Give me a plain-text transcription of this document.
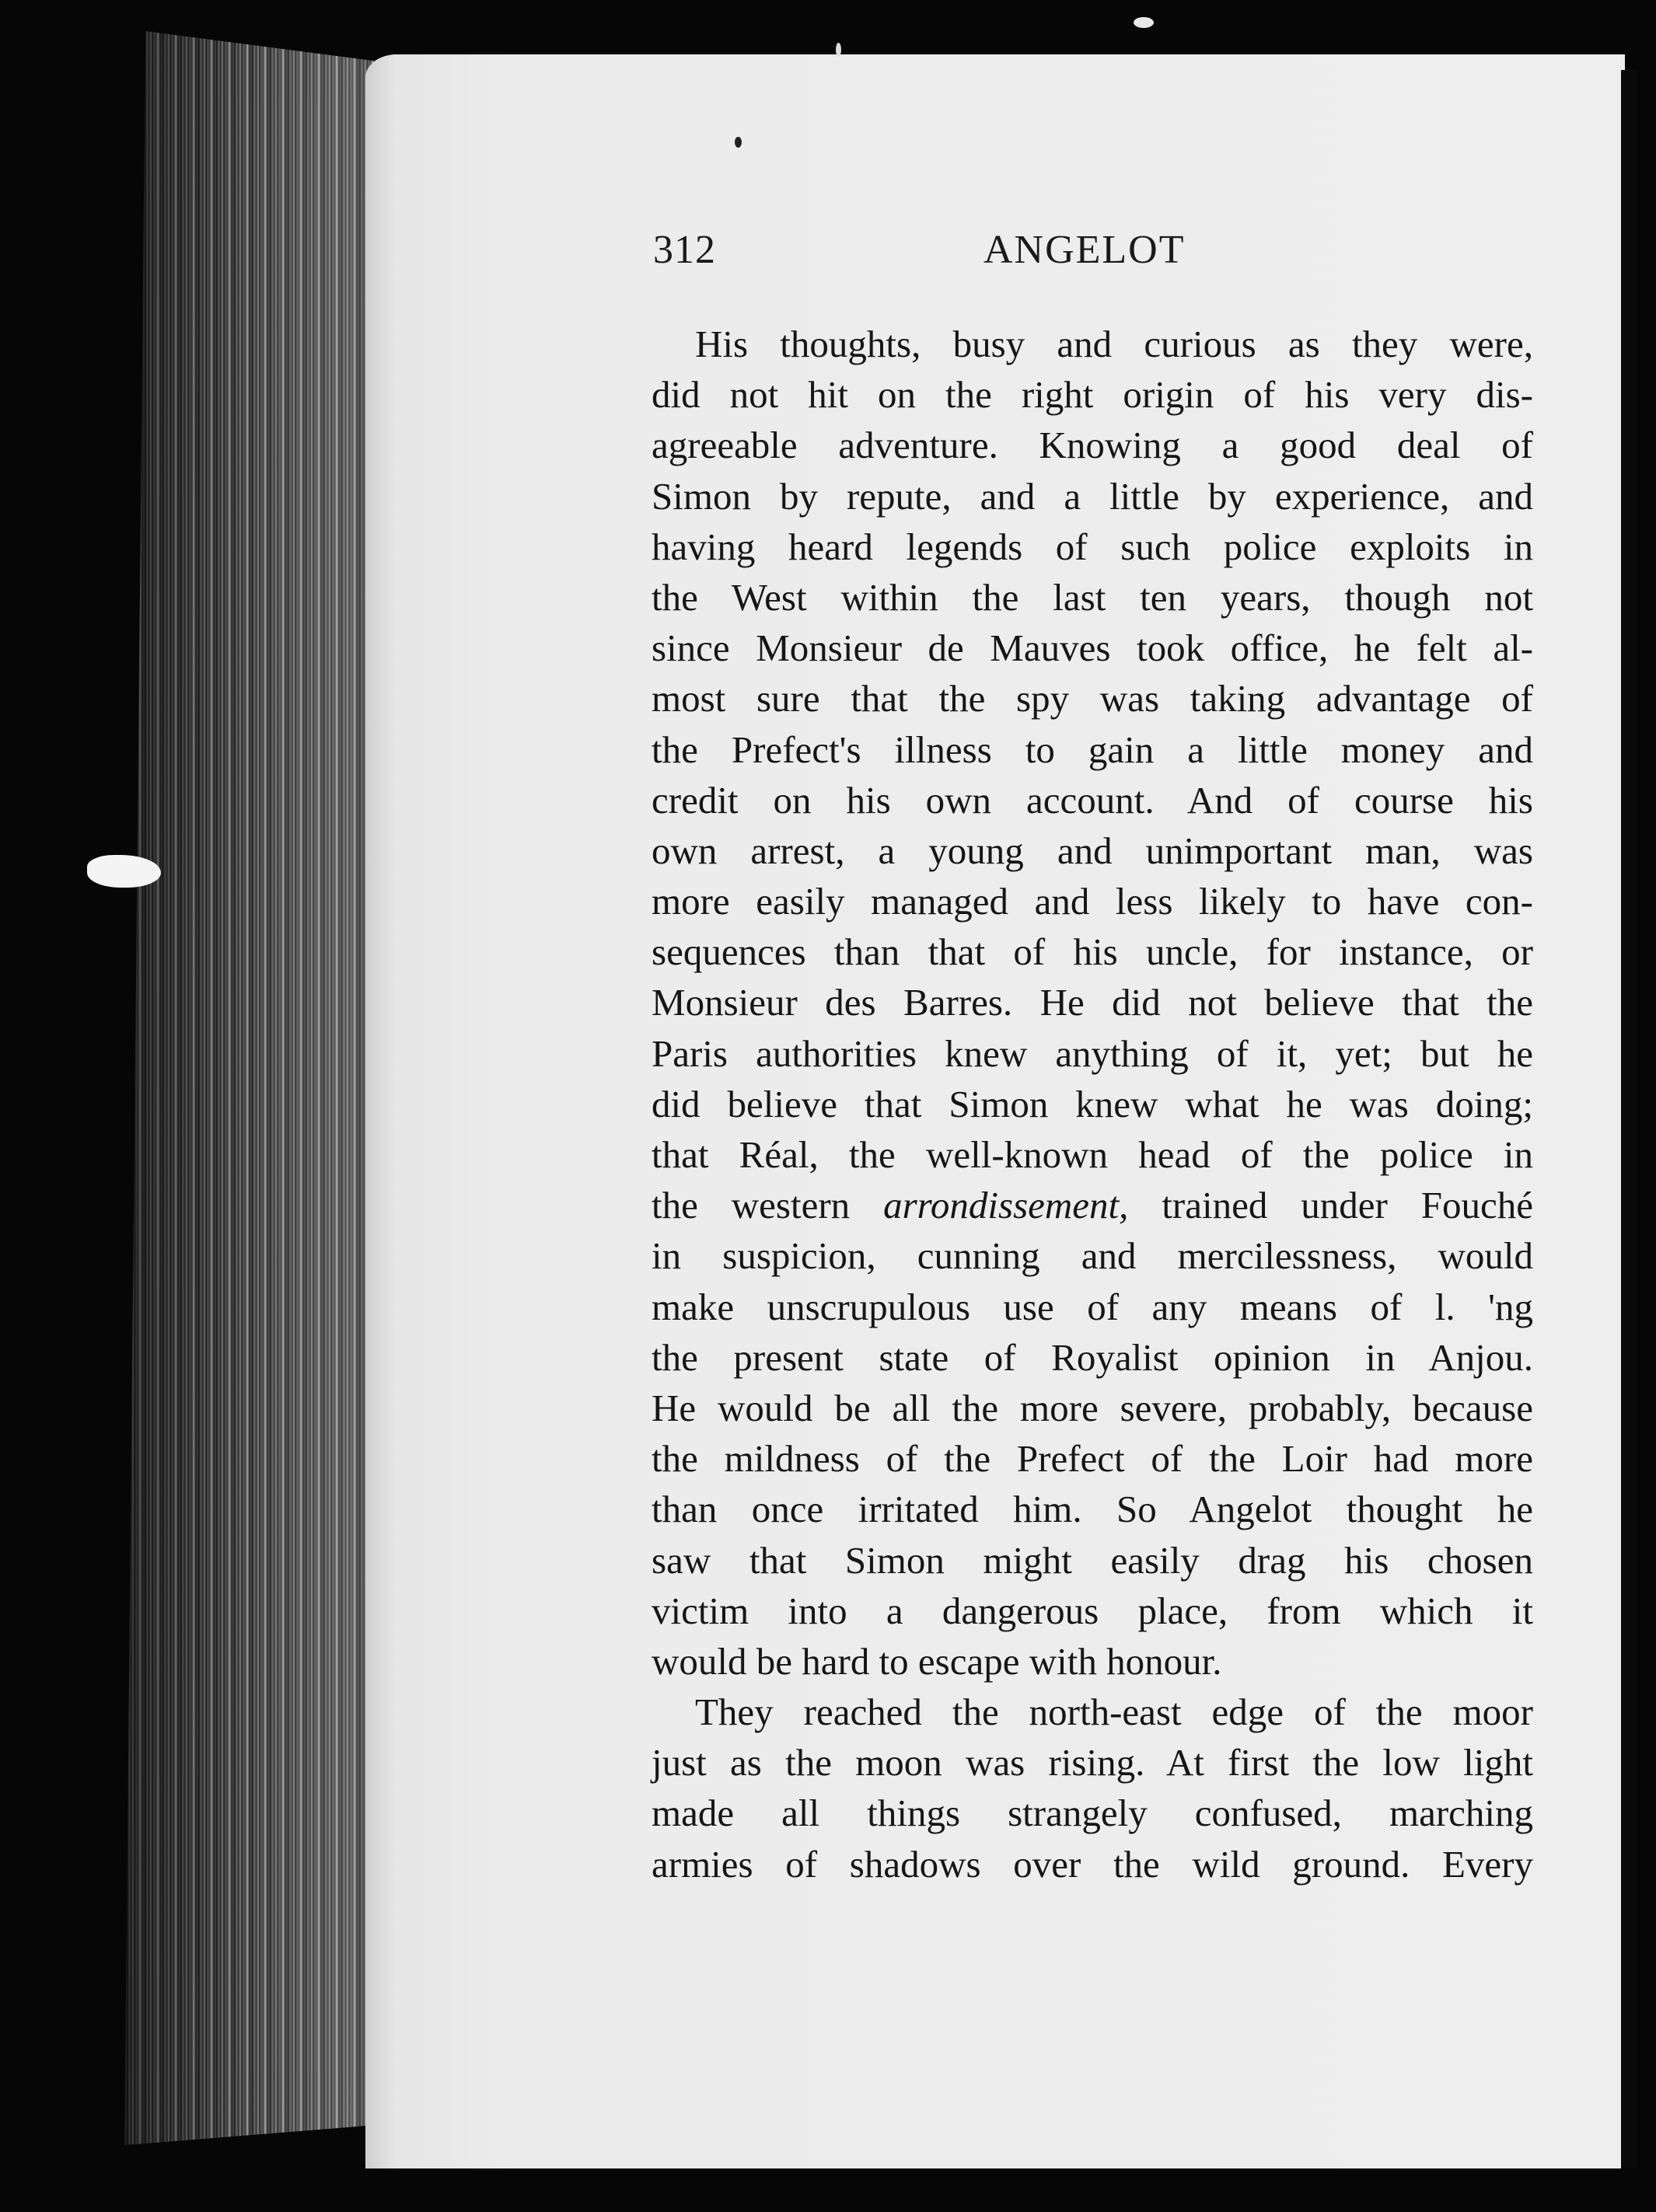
312	ANGELOT
His thoughts, busy and curious as they were,
did not hit on the right origin of his very dis-
agreeable adventure. Knowing a good deal of
Simon by repute, and a little by experience, and
having heard legends of such police exploits in
the West within the last ten years, though not
since Monsieur de Mauves took office, he felt al-
most sure that the spy was taking advantage of
the Prefect's illness to gain a little money and
credit on his own account. And of course his
own arrest, a young and unimportant man, was
more easily managed and less likely to have con-
sequences than that of his uncle, for instance, or
Monsieur des Barres. He did not believe that the
Paris authorities knew anything of it, yet; but he
did believe that Simon knew what he was doing;
that Réal, the well-known head of the police in
the western arrondissement, trained under Fouché
in suspicion, cunning and mercilessness, would
make unscrupulous use of any means of l. 'ng
the present state of Royalist opinion in Anjou.
He would be all the more severe, probably, because
the mildness of the Prefect of the Loir had more
than once irritated him. So Angelot thought he
saw that Simon might easily drag his chosen
victim into a dangerous place, from which it
would be hard to escape with honour.
They reached the north-east edge of the moor
just as the moon was rising. At first the low light
made all things strangely confused, marching
armies of shadows over the wild ground. Every
